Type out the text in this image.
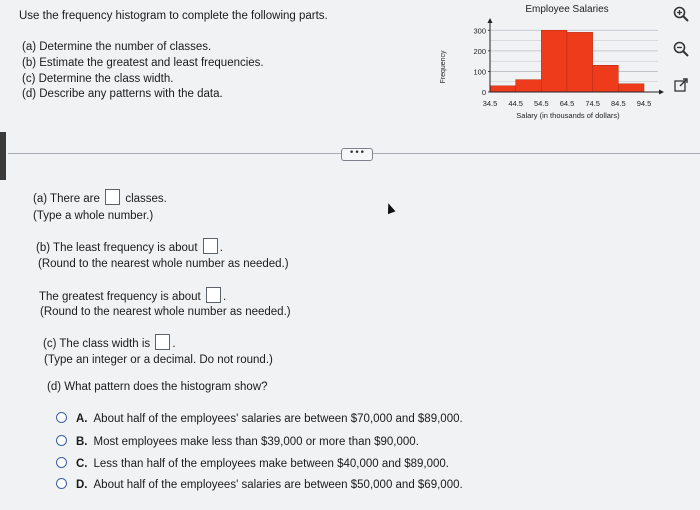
Use the frequency histogram to complete the following parts.
(a) Determine the number of classes.
(b) Estimate the greatest and least frequencies.
(c) Determine the class width.
(d) Describe any patterns with the data.
Employee Salaries
Frequency
Salary (in thousands of dollars)
0
100
200
300
34.5 44.5 54.5 64.5 74.5 84.5 94.5
•••
(a) There are classes.
(Type a whole number.)
(b) The least frequency is about .
(Round to the nearest whole number as needed.)
The greatest frequency is about .
(Round to the nearest whole number as needed.)
(c) The class width is .
(Type an integer or a decimal. Do not round.)
(d) What pattern does the histogram show?
A. About half of the employees' salaries are between $70,000 and $89,000.
B. Most employees make less than $39,000 or more than $90,000.
C. Less than half of the employees make between $40,000 and $89,000.
D. About half of the employees' salaries are between $50,000 and $69,000.
